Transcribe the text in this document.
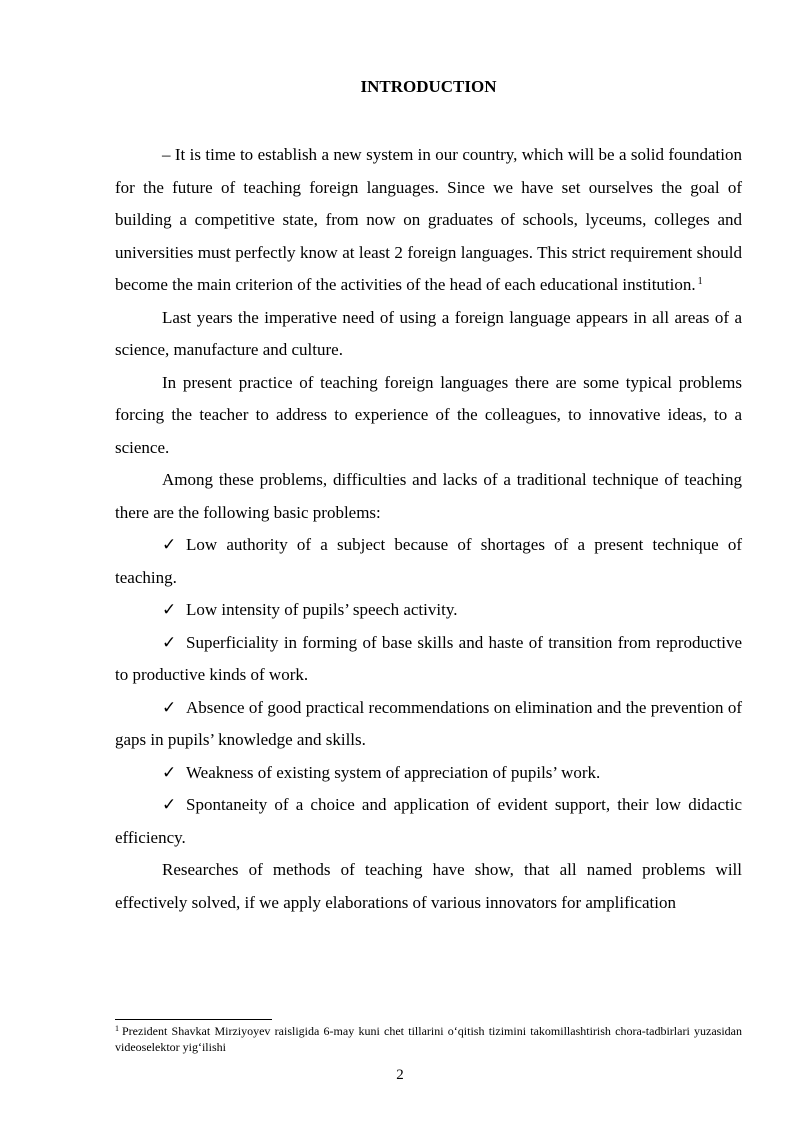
INTRODUCTION

– It is time to establish a new system in our country, which will be a solid foundation for the future of teaching foreign languages. Since we have set ourselves the goal of building a competitive state, from now on graduates of schools, lyceums, colleges and universities must perfectly know at least 2 foreign languages. This strict requirement should become the main criterion of the activities of the head of each educational institution. $^1$

Last years the imperative need of using a foreign language appears in all areas of a science, manufacture and culture.

In present practice of teaching foreign languages there are some typical problems forcing the teacher to address to experience of the colleagues, to innovative ideas, to a science.

Among these problems, difficulties and lacks of a traditional technique of teaching there are the following basic problems:

✓ Low authority of a subject because of shortages of a present technique of teaching.

✓ Low intensity of pupils’ speech activity.

✓ Superficiality in forming of base skills and haste of transition from reproductive to productive kinds of work.

✓ Absence of good practical recommendations on elimination and the prevention of gaps in pupils’ knowledge and skills.

✓ Weakness of existing system of appreciation of pupils’ work.

✓ Spontaneity of a choice and application of evident support, their low didactic efficiency.

Researches of methods of teaching have show, that all named problems will effectively solved, if we apply elaborations of various innovators for amplification

$^1$ Prezident Shavkat Mirziyoyev raisligida 6-may kuni chet tillarini oʻqitish tizimini takomillashtirish chora-tadbirlari yuzasidan videoselektor yigʻilishi
2
